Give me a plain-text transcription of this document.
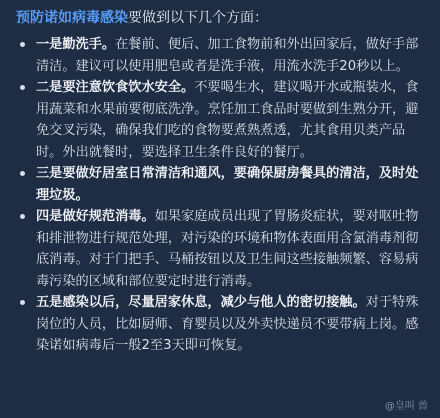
预防诺如病毒感染要做到以下几个方面：
一是勤洗手。在餐前、便后、加工食物前和外出回家后，做好手部清洁。建议可以使用肥皂或者是洗手液，用流水洗手20秒以上。
二是要注意饮食饮水安全。不要喝生水，建议喝开水或瓶装水，食用蔬菜和水果前要彻底洗净。烹饪加工食品时要做到生熟分开，避免交叉污染，确保我们吃的食物要煮熟煮透，尤其食用贝类产品时。外出就餐时，要选择卫生条件良好的餐厅。
三是要做好居室日常清洁和通风，要确保厨房餐具的清洁，及时处理垃圾。
四是做好规范消毒。如果家庭成员出现了胃肠炎症状，要对呕吐物和排泄物进行规范处理，对污染的环境和物体表面用含氯消毒剂彻底消毒。对于门把手、马桶按钮以及卫生间这些接触频繁、容易病毒污染的区域和部位要定时进行消毒。
五是感染以后，尽量居家休息，减少与他人的密切接触。对于特殊岗位的人员，比如厨师、育婴员以及外卖快递员不要带病上岗。感染诺如病毒后一般2至3天即可恢复。
@皇叫 兽
